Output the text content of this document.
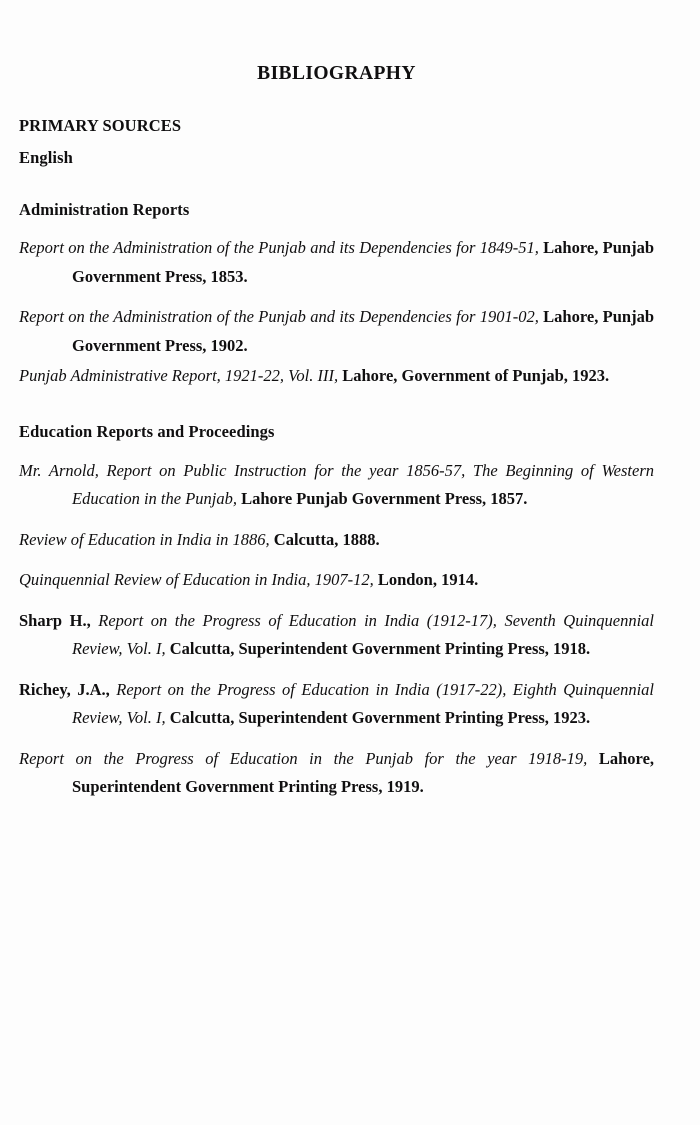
BIBLIOGRAPHY

PRIMARY SOURCES

English

Administration Reports

Report on the Administration of the Punjab and its Dependencies for 1849-51, Lahore, Punjab Government Press, 1853.

Report on the Administration of the Punjab and its Dependencies for 1901-02, Lahore, Punjab Government Press, 1902.

Punjab Administrative Report, 1921-22, Vol. III, Lahore, Government of Punjab, 1923.

Education Reports and Proceedings

Mr. Arnold, Report on Public Instruction for the year 1856-57, The Beginning of Western Education in the Punjab, Lahore Punjab Government Press, 1857.

Review of Education in India in 1886, Calcutta, 1888.

Quinquennial Review of Education in India, 1907-12, London, 1914.

Sharp H., Report on the Progress of Education in India (1912-17), Seventh Quinquennial Review, Vol. I, Calcutta, Superintendent Government Printing Press, 1918.

Richey, J.A., Report on the Progress of Education in India (1917-22), Eighth Quinquennial Review, Vol. I, Calcutta, Superintendent Government Printing Press, 1923.

Report on the Progress of Education in the Punjab for the year 1918-19, Lahore, Superintendent Government Printing Press, 1919.
